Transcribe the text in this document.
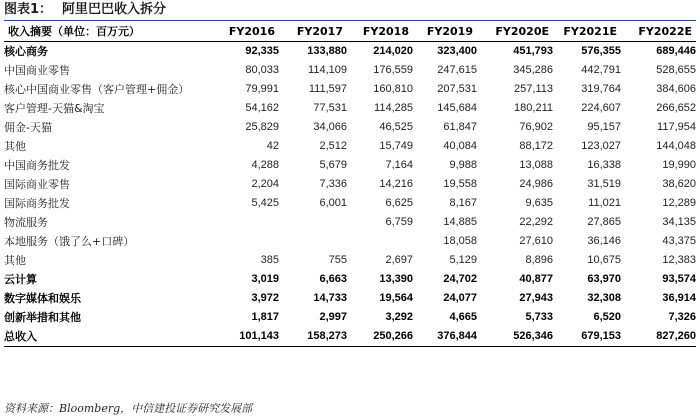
图表1： 阿里巴巴收入拆分
收入摘要（单位：百万元）	FY2016	FY2017	FY2018	FY2019	FY2020E	FY2021E	FY2022E
核心商务	92,335	133,880	214,020	323,400	451,793	576,355	689,446
中国商业零售	80,033	114,109	176,559	247,615	345,286	442,791	528,655
核心中国商业零售（客户管理+佣金）	79,991	111,597	160,810	207,531	257,113	319,764	384,606
客户管理-天猫&淘宝	54,162	77,531	114,285	145,684	180,211	224,607	266,652
佣金-天猫	25,829	34,066	46,525	61,847	76,902	95,157	117,954
其他	42	2,512	15,749	40,084	88,172	123,027	144,048
中国商务批发	4,288	5,679	7,164	9,988	13,088	16,338	19,990
国际商业零售	2,204	7,336	14,216	19,558	24,986	31,519	38,620
国际商务批发	5,425	6,001	6,625	8,167	9,635	11,021	12,289
物流服务			6,759	14,885	22,292	27,865	34,135
本地服务（饿了么+口碑）				18,058	27,610	36,146	43,375
其他	385	755	2,697	5,129	8,896	10,675	12,383
云计算	3,019	6,663	13,390	24,702	40,877	63,970	93,574
数字媒体和娱乐	3,972	14,733	19,564	24,077	27,943	32,308	36,914
创新举措和其他	1,817	2,997	3,292	4,665	5,733	6,520	7,326
总收入	101,143	158,273	250,266	376,844	526,346	679,153	827,260
资料来源：Bloomberg，中信建投证券研究发展部
